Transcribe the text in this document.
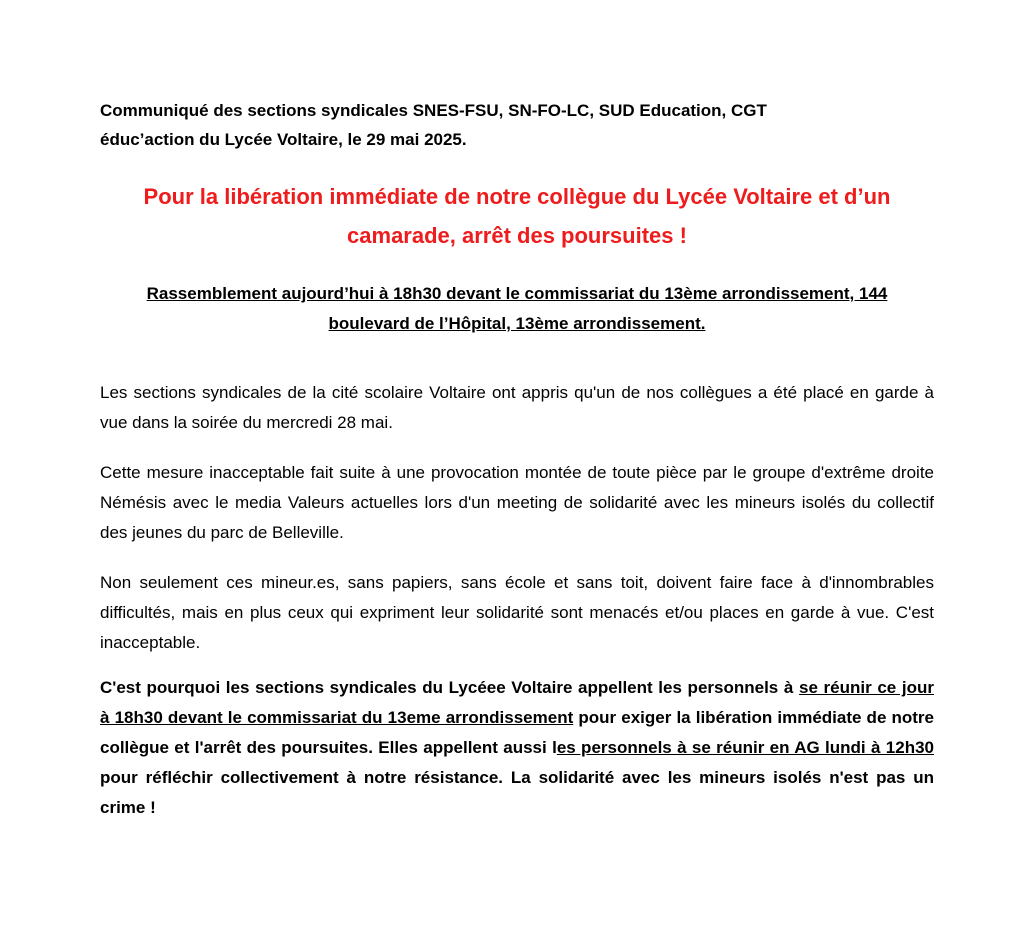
Communiqué des sections syndicales SNES-FSU, SN-FO-LC, SUD Education, CGT
éduc’action du Lycée Voltaire, le 29 mai 2025.

Pour la libération immédiate de notre collègue du Lycée Voltaire et d’un
camarade, arrêt des poursuites !

Rassemblement aujourd’hui à 18h30 devant le commissariat du 13ème arrondissement, 144
boulevard de l’Hôpital, 13ème arrondissement.

Les sections syndicales de la cité scolaire Voltaire ont appris qu'un de nos collègues a été placé en garde à vue dans la soirée du mercredi 28 mai.

Cette mesure inacceptable fait suite à une provocation montée de toute pièce par le groupe d'extrême droite Némésis avec le media Valeurs actuelles lors d'un meeting de solidarité avec les mineurs isolés du collectif des jeunes du parc de Belleville.

Non seulement ces mineur.es, sans papiers, sans école et sans toit, doivent faire face à d'innombrables difficultés, mais en plus ceux qui expriment leur solidarité sont menacés et/ou places en garde à vue. C'est inacceptable.

C'est pourquoi les sections syndicales du Lycéee Voltaire appellent les personnels à se réunir ce jour à 18h30 devant le commissariat du 13eme arrondissement pour exiger la libération immédiate de notre collègue et l'arrêt des poursuites. Elles appellent aussi les personnels à se réunir en AG lundi à 12h30 pour réfléchir collectivement à notre résistance. La solidarité avec les mineurs isolés n'est pas un crime !
